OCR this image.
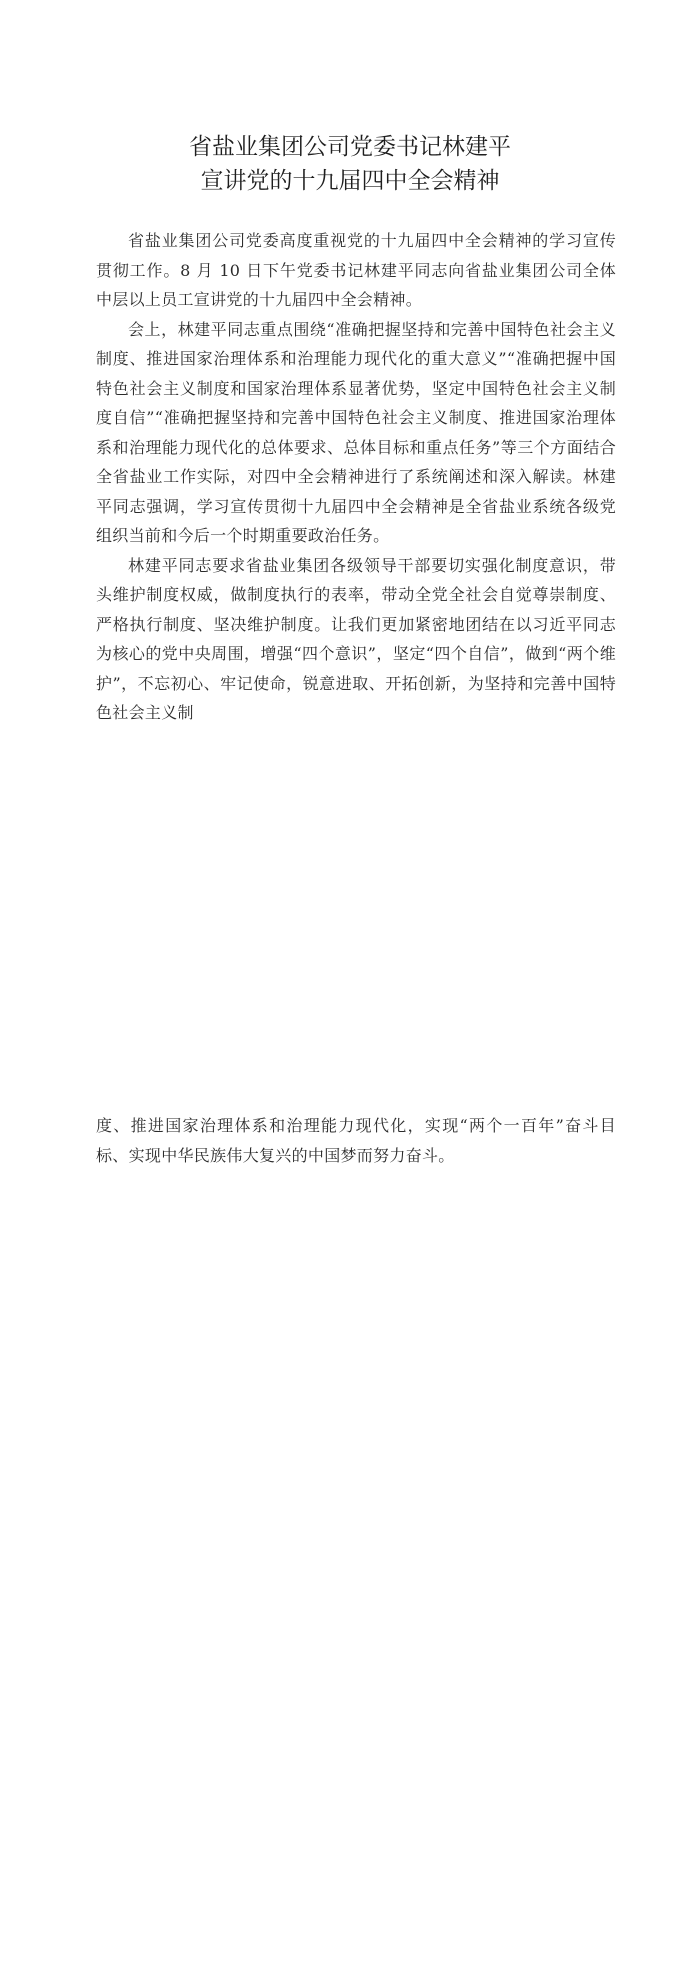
省盐业集团公司党委书记林建平
宣讲党的十九届四中全会精神

省盐业集团公司党委高度重视党的十九届四中全会精神的学习宣传贯彻工作。8 月 10 日下午党委书记林建平同志向省盐业集团公司全体中层以上员工宣讲党的十九届四中全会精神。

会上，林建平同志重点围绕“准确把握坚持和完善中国特色社会主义制度、推进国家治理体系和治理能力现代化的重大意义”“准确把握中国特色社会主义制度和国家治理体系显著优势，坚定中国特色社会主义制度自信”“准确把握坚持和完善中国特色社会主义制度、推进国家治理体系和治理能力现代化的总体要求、总体目标和重点任务”等三个方面结合全省盐业工作实际，对四中全会精神进行了系统阐述和深入解读。林建平同志强调，学习宣传贯彻十九届四中全会精神是全省盐业系统各级党组织当前和今后一个时期重要政治任务。

林建平同志要求省盐业集团各级领导干部要切实强化制度意识，带头维护制度权威，做制度执行的表率，带动全党全社会自觉尊崇制度、严格执行制度、坚决维护制度。让我们更加紧密地团结在以习近平同志为核心的党中央周围，增强“四个意识”，坚定“四个自信”，做到“两个维护”，不忘初心、牢记使命，锐意进取、开拓创新，为坚持和完善中国特色社会主义制

度、推进国家治理体系和治理能力现代化，实现“两个一百年”奋斗目标、实现中华民族伟大复兴的中国梦而努力奋斗。
